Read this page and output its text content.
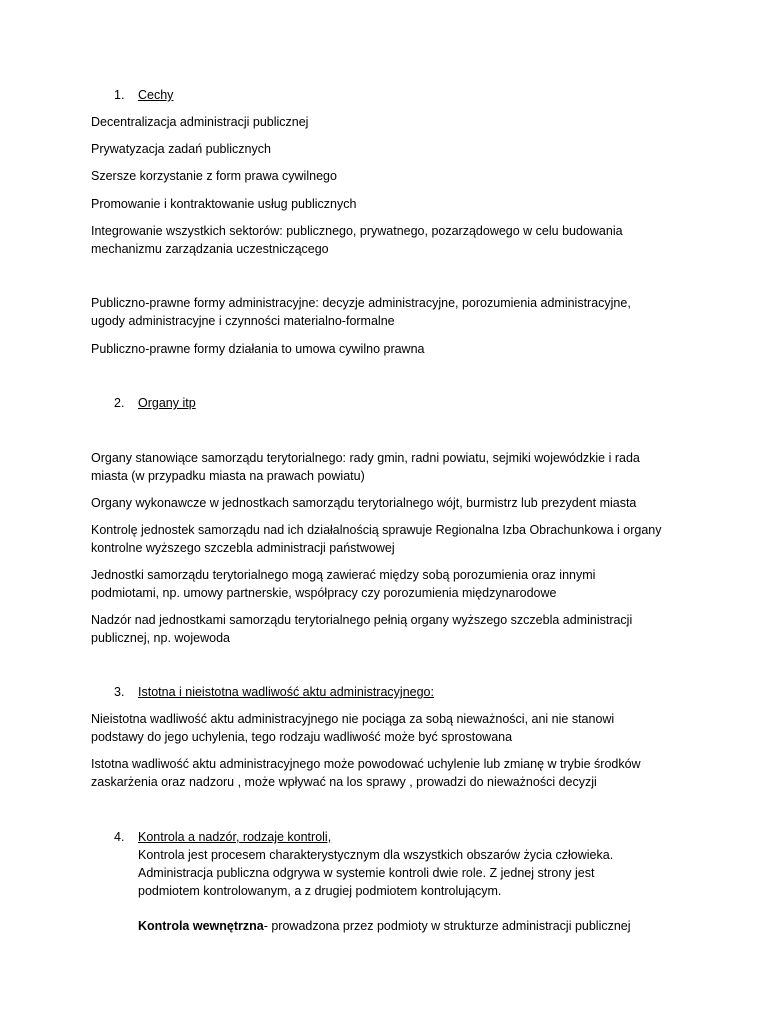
1. Cechy
Decentralizacja administracji publicznej
Prywatyzacja zadań publicznych
Szersze korzystanie z form prawa cywilnego
Promowanie i kontraktowanie usług publicznych
Integrowanie wszystkich sektorów: publicznego, prywatnego, pozarządowego w celu budowania
mechanizmu zarządzania uczestniczącego
Publiczno-prawne formy administracyjne: decyzje administracyjne, porozumienia administracyjne,
ugody administracyjne i czynności materialno-formalne
Publiczno-prawne formy działania to umowa cywilno prawna
2. Organy itp
Organy stanowiące samorządu terytorialnego: rady gmin, radni powiatu, sejmiki wojewódzkie i rada
miasta (w przypadku miasta na prawach powiatu)
Organy wykonawcze w jednostkach samorządu terytorialnego wójt, burmistrz lub prezydent miasta
Kontrolę jednostek samorządu nad ich działalnością sprawuje Regionalna Izba Obrachunkowa i organy
kontrolne wyższego szczebla administracji państwowej
Jednostki samorządu terytorialnego mogą zawierać między sobą porozumienia oraz innymi
podmiotami, np. umowy partnerskie, współpracy czy porozumienia międzynarodowe
Nadzór nad jednostkami samorządu terytorialnego pełnią organy wyższego szczebla administracji
publicznej, np. wojewoda
3. Istotna i nieistotna wadliwość aktu administracyjnego:
Nieistotna wadliwość aktu administracyjnego nie pociąga za sobą nieważności, ani nie stanowi
podstawy do jego uchylenia, tego rodzaju wadliwość może być sprostowana
Istotna wadliwość aktu administracyjnego może powodować uchylenie lub zmianę w trybie środków
zaskarżenia oraz nadzoru , może wpływać na los sprawy , prowadzi do nieważności decyzji
4. Kontrola a nadzór, rodzaje kontroli,
Kontrola jest procesem charakterystycznym dla wszystkich obszarów życia człowieka.
Administracja publiczna odgrywa w systemie kontroli dwie role. Z jednej strony jest
podmiotem kontrolowanym, a z drugiej podmiotem kontrolującym.
Kontrola wewnętrzna- prowadzona przez podmioty w strukturze administracji publicznej
